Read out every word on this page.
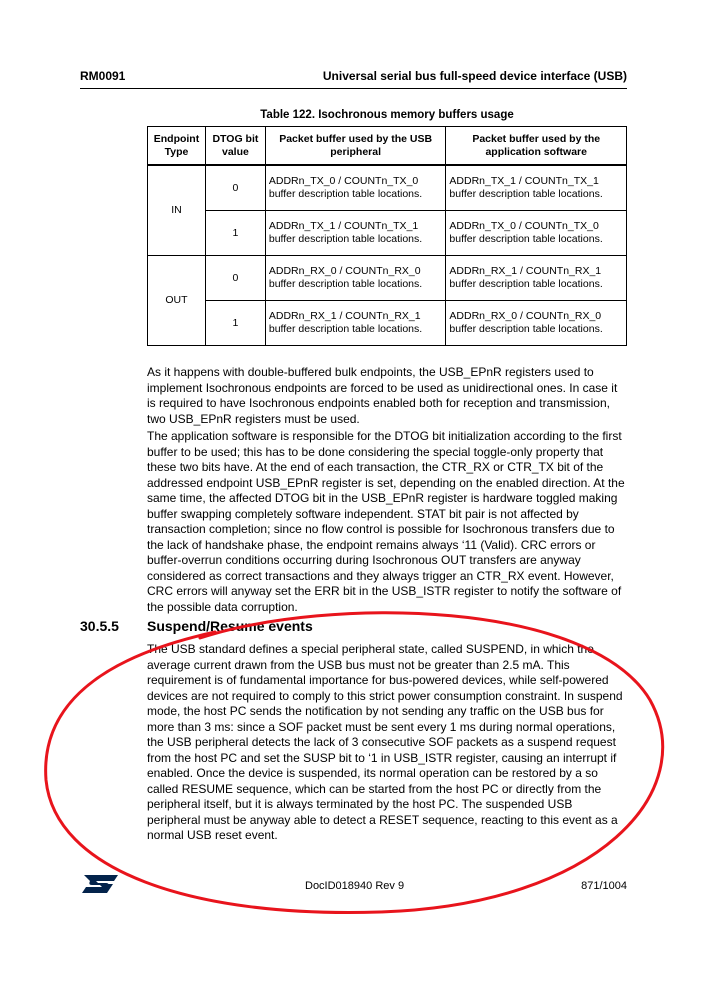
RM0091	Universal serial bus full-speed device interface (USB)
Table 122. Isochronous memory buffers usage
Endpoint Type	DTOG bit value	Packet buffer used by the USB peripheral	Packet buffer used by the application software
IN	0	ADDRn_TX_0 / COUNTn_TX_0 buffer description table locations.	ADDRn_TX_1 / COUNTn_TX_1 buffer description table locations.
	1	ADDRn_TX_1 / COUNTn_TX_1 buffer description table locations.	ADDRn_TX_0 / COUNTn_TX_0 buffer description table locations.
OUT	0	ADDRn_RX_0 / COUNTn_RX_0 buffer description table locations.	ADDRn_RX_1 / COUNTn_RX_1 buffer description table locations.
	1	ADDRn_RX_1 / COUNTn_RX_1 buffer description table locations.	ADDRn_RX_0 / COUNTn_RX_0 buffer description table locations.

As it happens with double-buffered bulk endpoints, the USB_EPnR registers used to implement Isochronous endpoints are forced to be used as unidirectional ones. In case it is required to have Isochronous endpoints enabled both for reception and transmission, two USB_EPnR registers must be used.

The application software is responsible for the DTOG bit initialization according to the first buffer to be used; this has to be done considering the special toggle-only property that these two bits have. At the end of each transaction, the CTR_RX or CTR_TX bit of the addressed endpoint USB_EPnR register is set, depending on the enabled direction. At the same time, the affected DTOG bit in the USB_EPnR register is hardware toggled making buffer swapping completely software independent. STAT bit pair is not affected by transaction completion; since no flow control is possible for Isochronous transfers due to the lack of handshake phase, the endpoint remains always ‘11 (Valid). CRC errors or buffer-overrun conditions occurring during Isochronous OUT transfers are anyway considered as correct transactions and they always trigger an CTR_RX event. However, CRC errors will anyway set the ERR bit in the USB_ISTR register to notify the software of the possible data corruption.

30.5.5 Suspend/Resume events

The USB standard defines a special peripheral state, called SUSPEND, in which the average current drawn from the USB bus must not be greater than 2.5 mA. This requirement is of fundamental importance for bus-powered devices, while self-powered devices are not required to comply to this strict power consumption constraint. In suspend mode, the host PC sends the notification by not sending any traffic on the USB bus for more than 3 ms: since a SOF packet must be sent every 1 ms during normal operations, the USB peripheral detects the lack of 3 consecutive SOF packets as a suspend request from the host PC and set the SUSP bit to ‘1 in USB_ISTR register, causing an interrupt if enabled. Once the device is suspended, its normal operation can be restored by a so called RESUME sequence, which can be started from the host PC or directly from the peripheral itself, but it is always terminated by the host PC. The suspended USB peripheral must be anyway able to detect a RESET sequence, reacting to this event as a normal USB reset event.

DocID018940 Rev 9	871/1004
